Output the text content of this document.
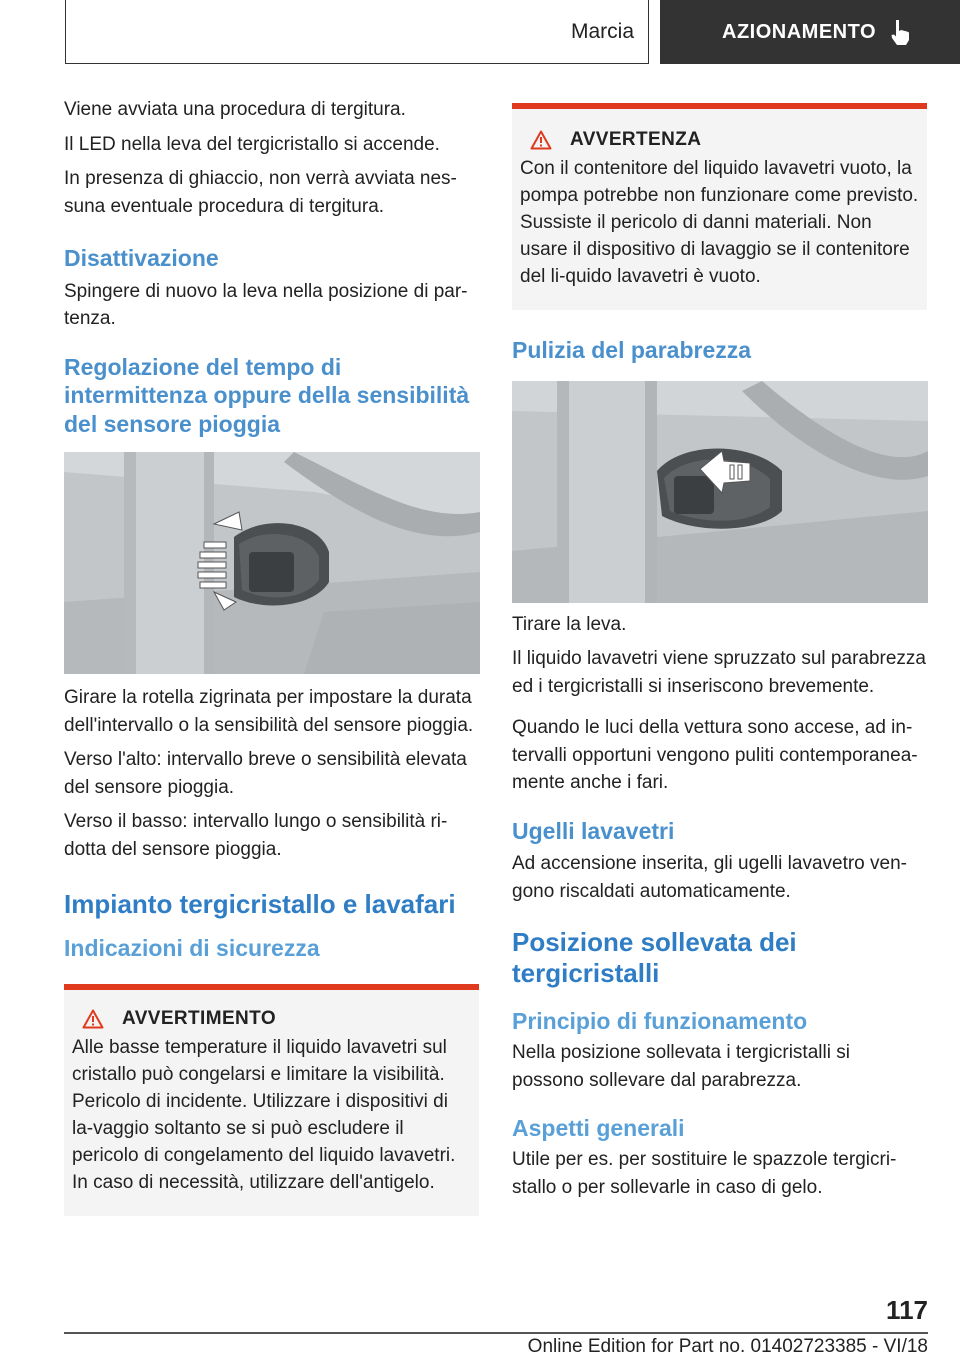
Marcia	AZIONAMENTO

Viene avviata una procedura di tergitura.

Il LED nella leva del tergicristallo si accende.

In presenza di ghiaccio, non verrà avviata nes‐suna eventuale procedura di tergitura.

Disattivazione

Spingere di nuovo la leva nella posizione di par‐tenza.

Regolazione del tempo di intermittenza oppure della sensibilità del sensore pioggia

Girare la rotella zigrinata per impostare la durata dell'intervallo o la sensibilità del sensore pioggia.

Verso l'alto: intervallo breve o sensibilità elevata del sensore pioggia.

Verso il basso: intervallo lungo o sensibilità ri‐dotta del sensore pioggia.

Impianto tergicristallo e lavafari
Indicazioni di sicurezza
AVVERTIMENTO

Alle basse temperature il liquido lavavetri sul cristallo può congelarsi e limitare la visibilità. Pericolo di incidente. Utilizzare i dispositivi di la‐vaggio soltanto se si può escludere il pericolo di congelamento del liquido lavavetri. In caso di necessità, utilizzare dell'antigelo.

AVVERTENZA

Con il contenitore del liquido lavavetri vuoto, la pompa potrebbe non funzionare come previsto. Sussiste il pericolo di danni materiali. Non usare il dispositivo di lavaggio se il contenitore del li‐quido lavavetri è vuoto.

Pulizia del parabrezza

Tirare la leva.

Il liquido lavavetri viene spruzzato sul parabrezza ed i tergicristalli si inseriscono brevemente.

Quando le luci della vettura sono accese, ad in‐tervalli opportuni vengono puliti contemporanea‐mente anche i fari.

Ugelli lavavetri

Ad accensione inserita, gli ugelli lavavetro ven‐gono riscaldati automaticamente.

Posizione sollevata dei tergicristalli
Principio di funzionamento

Nella posizione sollevata i tergicristalli si possono sollevare dal parabrezza.

Aspetti generali

Utile per es. per sostituire le spazzole tergicri‐stallo o per sollevarle in caso di gelo.

117
Online Edition for Part no. 01402723385 - VI/18
